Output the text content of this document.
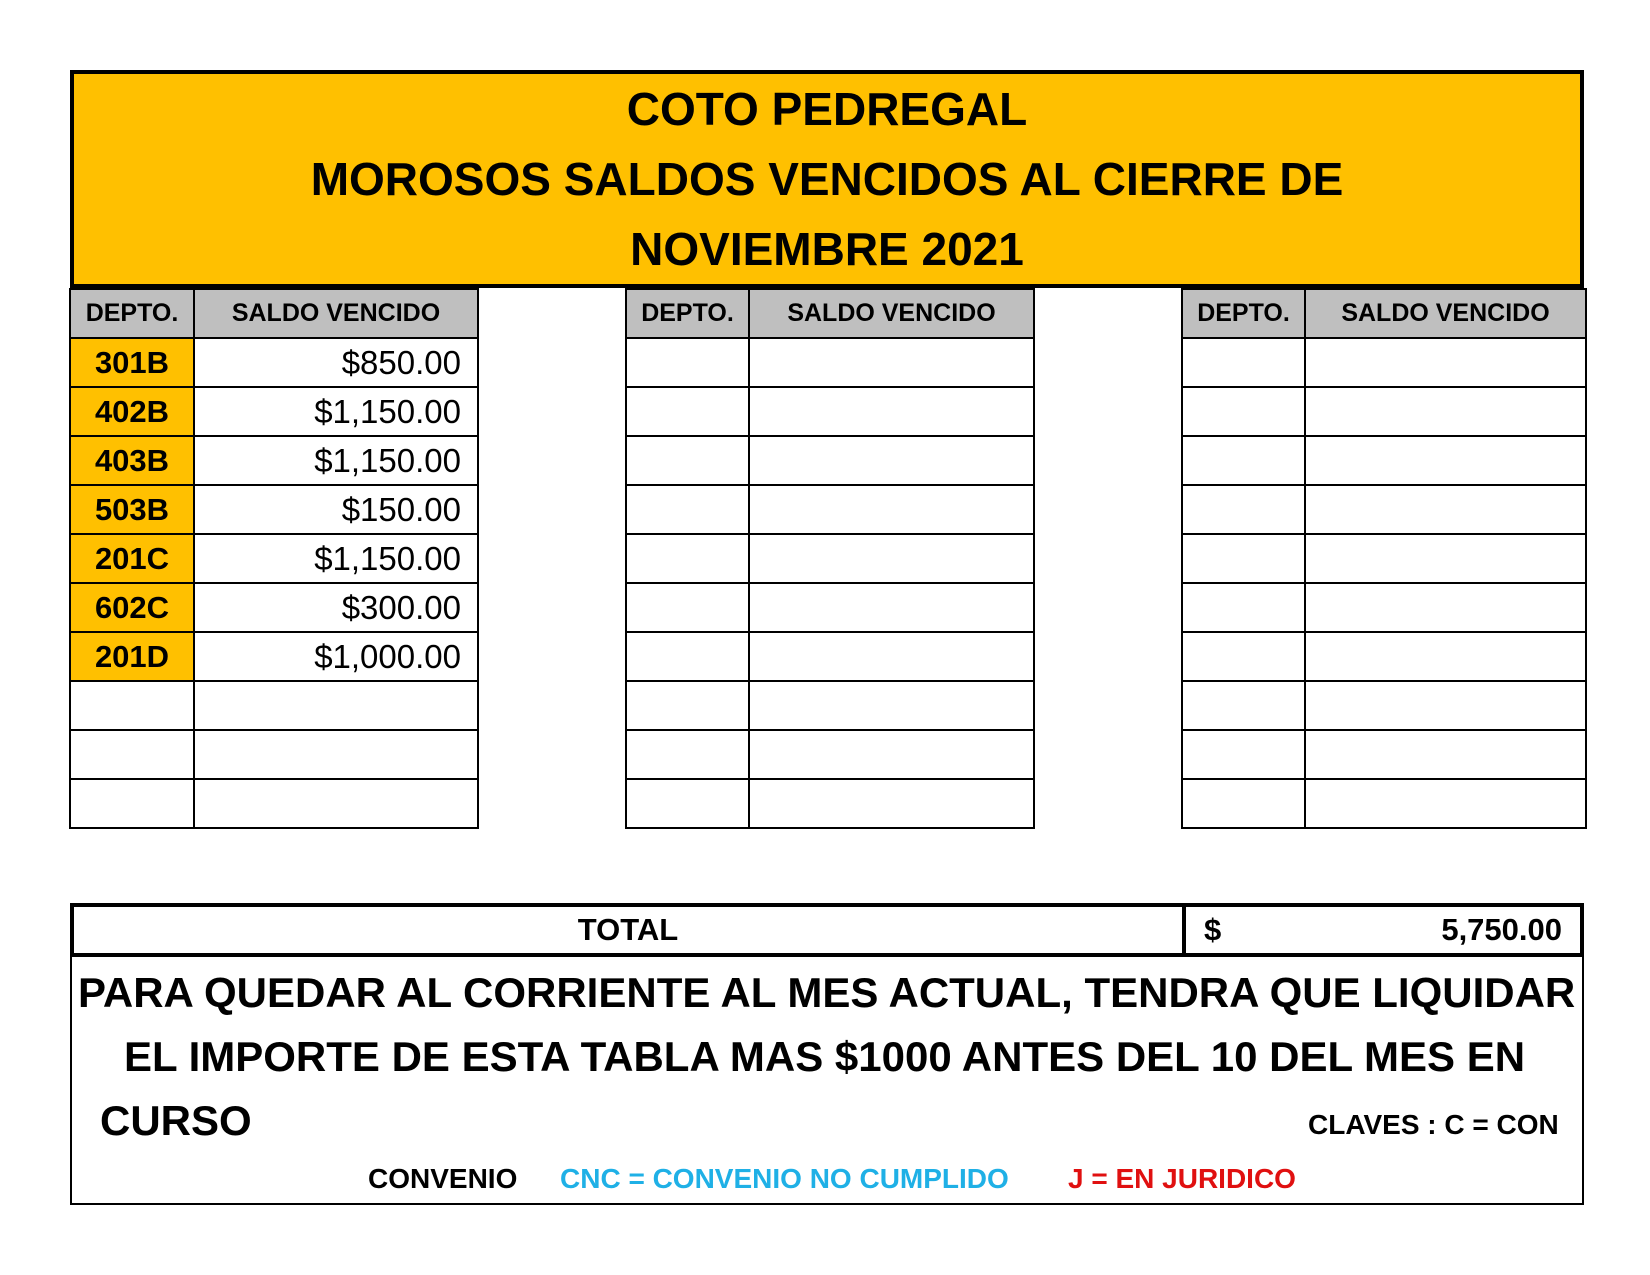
COTO PEDREGAL
MOROSOS SALDOS VENCIDOS AL CIERRE DE
NOVIEMBRE 2021
DEPTO.	SALDO VENCIDO
301B	$850.00
402B	$1,150.00
403B	$1,150.00
503B	$150.00
201C	$1,150.00
602C	$300.00
201D	$1,000.00

DEPTO.	SALDO VENCIDO

		DEPTO.	SALDO VENCIDO

TOTAL	$	5,750.00
PARA QUEDAR AL CORRIENTE AL MES ACTUAL, TENDRA QUE LIQUIDAR
EL IMPORTE DE ESTA TABLA MAS $1000 ANTES DEL 10 DEL MES EN
CURSO	CLAVES : C = CON
CONVENIO CNC = CONVENIO NO CUMPLIDO J = EN JURIDICO
